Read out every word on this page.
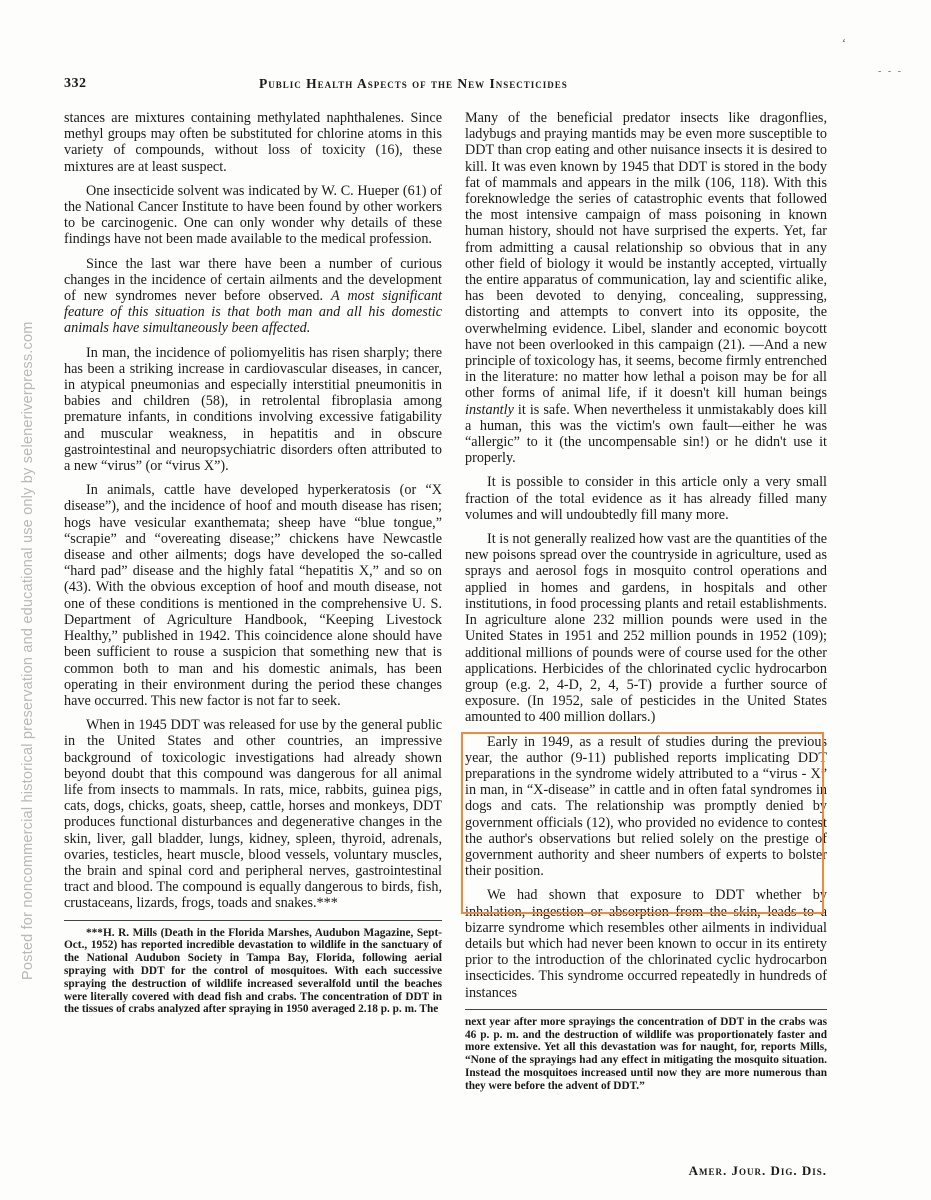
Posted for noncommercial historical preservation and educational use only by seleneriverpress.com
‘
- - -
332	Public Health Aspects of the New Insecticides

stances are mixtures containing methylated naphthalenes. Since methyl groups may often be substituted for chlorine atoms in this variety of compounds, without loss of toxicity (16), these mixtures are at least suspect.

One insecticide solvent was indicated by W. C. Hueper (61) of the National Cancer Institute to have been found by other workers to be carcinogenic. One can only wonder why details of these findings have not been made available to the medical profession.

Since the last war there have been a number of curious changes in the incidence of certain ailments and the development of new syndromes never before observed. A most significant feature of this situation is that both man and all his domestic animals have simultaneously been affected.

In man, the incidence of poliomyelitis has risen sharply; there has been a striking increase in cardiovascular diseases, in cancer, in atypical pneumonias and especially interstitial pneumonitis in babies and children (58), in retrolental fibroplasia among premature infants, in conditions involving excessive fatigability and muscular weakness, in hepatitis and in obscure gastrointestinal and neuropsychiatric disorders often attributed to a new “virus” (or “virus X”).

In animals, cattle have developed hyperkeratosis (or “X disease”), and the incidence of hoof and mouth disease has risen; hogs have vesicular exanthemata; sheep have “blue tongue,” “scrapie” and “overeating disease;” chickens have Newcastle disease and other ailments; dogs have developed the so-called “hard pad” disease and the highly fatal “hepatitis X,” and so on (43). With the obvious exception of hoof and mouth disease, not one of these conditions is mentioned in the comprehensive U. S. Department of Agriculture Handbook, “Keeping Livestock Healthy,” published in 1942. This coincidence alone should have been sufficient to rouse a suspicion that something new that is common both to man and his domestic animals, has been operating in their environment during the period these changes have occurred. This new factor is not far to seek.

When in 1945 DDT was released for use by the general public in the United States and other countries, an impressive background of toxicologic investigations had already shown beyond doubt that this compound was dangerous for all animal life from insects to mammals. In rats, mice, rabbits, guinea pigs, cats, dogs, chicks, goats, sheep, cattle, horses and monkeys, DDT produces functional disturbances and degenerative changes in the skin, liver, gall bladder, lungs, kidney, spleen, thyroid, adrenals, ovaries, testicles, heart muscle, blood vessels, voluntary muscles, the brain and spinal cord and peripheral nerves, gastrointestinal tract and blood. The compound is equally dangerous to birds, fish, crustaceans, lizards, frogs, toads and snakes.***

***H. R. Mills (Death in the Florida Marshes, Audubon Magazine, Sept-Oct., 1952) has reported incredible devastation to wildlife in the sanctuary of the National Audubon Society in Tampa Bay, Florida, following aerial spraying with DDT for the control of mosquitoes. With each successive spraying the destruction of wildlife increased severalfold until the beaches were literally covered with dead fish and crabs. The concentration of DDT in the tissues of crabs analyzed after spraying in 1950 averaged 2.18 p. p. m. The

Many of the beneficial predator insects like dragonflies, ladybugs and praying mantids may be even more susceptible to DDT than crop eating and other nuisance insects it is desired to kill. It was even known by 1945 that DDT is stored in the body fat of mammals and appears in the milk (106, 118). With this foreknowledge the series of catastrophic events that followed the most intensive campaign of mass poisoning in known human history, should not have surprised the experts. Yet, far from admitting a causal relationship so obvious that in any other field of biology it would be instantly accepted, virtually the entire apparatus of communication, lay and scientific alike, has been devoted to denying, concealing, suppressing, distorting and attempts to convert into its opposite, the overwhelming evidence. Libel, slander and economic boycott have not been overlooked in this campaign (21). —And a new principle of toxicology has, it seems, become firmly entrenched in the literature: no matter how lethal a poison may be for all other forms of animal life, if it doesn't kill human beings instantly it is safe. When nevertheless it unmistakably does kill a human, this was the victim's own fault—either he was “allergic” to it (the uncompensable sin!) or he didn't use it properly.

It is possible to consider in this article only a very small fraction of the total evidence as it has already filled many volumes and will undoubtedly fill many more.

It is not generally realized how vast are the quantities of the new poisons spread over the countryside in agriculture, used as sprays and aerosol fogs in mosquito control operations and applied in homes and gardens, in hospitals and other institutions, in food processing plants and retail establishments. In agriculture alone 232 million pounds were used in the United States in 1951 and 252 million pounds in 1952 (109); additional millions of pounds were of course used for the other applications. Herbicides of the chlorinated cyclic hydrocarbon group (e.g. 2, 4-D, 2, 4, 5-T) provide a further source of exposure. (In 1952, sale of pesticides in the United States amounted to 400 million dollars.)

Early in 1949, as a result of studies during the previous year, the author (9-11) published reports implicating DDT preparations in the syndrome widely attributed to a “virus - X” in man, in “X-disease” in cattle and in often fatal syndromes in dogs and cats. The relationship was promptly denied by government officials (12), who provided no evidence to contest the author's observations but relied solely on the prestige of government authority and sheer numbers of experts to bolster their position.

We had shown that exposure to DDT whether by inhalation, ingestion or absorption from the skin, leads to a bizarre syndrome which resembles other ailments in individual details but which had never been known to occur in its entirety prior to the introduction of the chlorinated cyclic hydrocarbon insecticides. This syndrome occurred repeatedly in hundreds of instances

next year after more sprayings the concentration of DDT in the crabs was 46 p. p. m. and the destruction of wildlife was proportionately faster and more extensive. Yet all this devastation was for naught, for, reports Mills, “None of the sprayings had any effect in mitigating the mosquito situation. Instead the mosquitoes increased until now they are more numerous than they were before the advent of DDT.”

Amer. Jour. Dig. Dis.
